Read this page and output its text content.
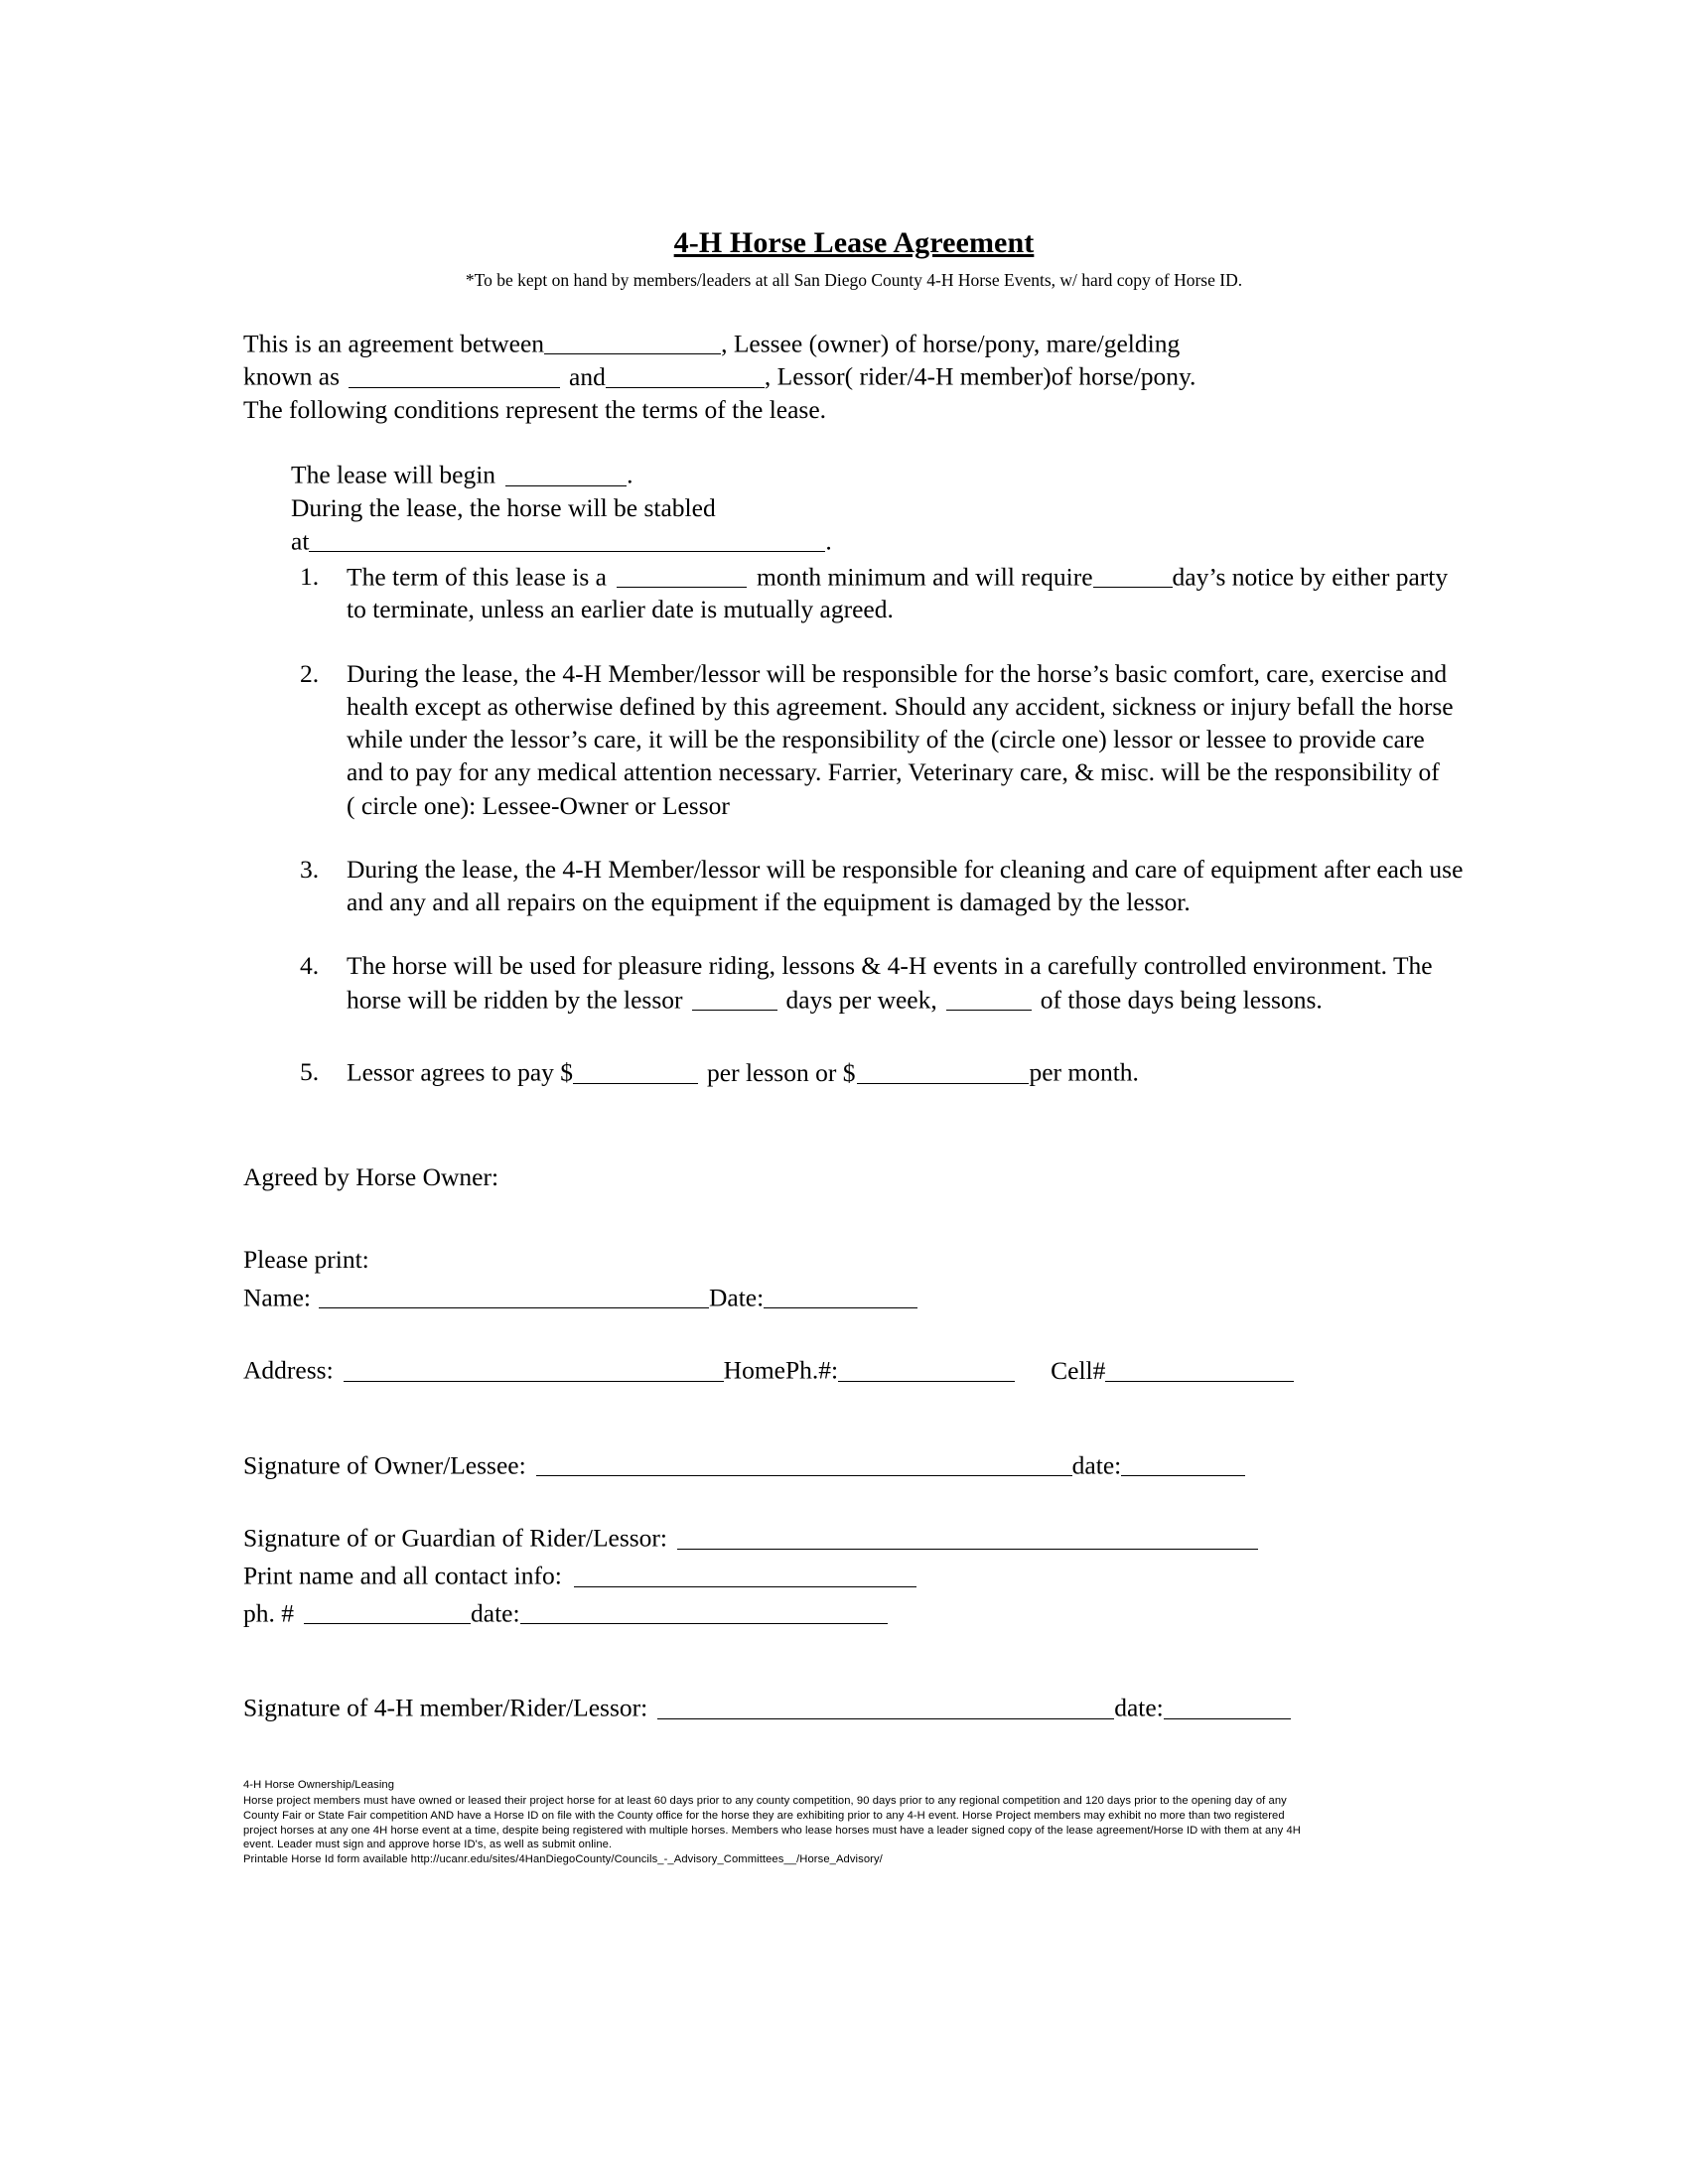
4-H Horse Lease Agreement
*To be kept on hand by members/leaders at all San Diego County 4-H Horse Events, w/ hard copy of Horse ID.
This is an agreement between	, Lessee (owner) of horse/pony, mare/gelding
known as	and	, Lessor( rider/4-H member)of horse/pony.
The following conditions represent the terms of the lease.
The lease will begin	.
During the lease, the horse will be stabled
at	.
1.	The term of this lease is a	month minimum and will require	day’s notice by either party to terminate, unless an earlier date is mutually agreed.
2.	During the lease, the 4-H Member/lessor will be responsible for the horse’s basic comfort, care, exercise and health except as otherwise defined by this agreement. Should any accident, sickness or injury befall the horse while under the lessor’s care, it will be the responsibility of the (circle one) lessor or lessee to provide care and to pay for any medical attention necessary. Farrier, Veterinary care, & misc. will be the responsibility of
( circle one): Lessee-Owner or Lessor
3.	During the lease, the 4-H Member/lessor will be responsible for cleaning and care of equipment after each use and any and all repairs on the equipment if the equipment is damaged by the lessor.
4.	The horse will be used for pleasure riding, lessons & 4-H events in a carefully controlled environment. The horse will be ridden by the lessor	days per week,	of those days being lessons.
5.	Lessor agrees to pay $	per lesson or $	per month.
Agreed by Horse Owner:
Please print:
Name:	Date:
Address:	HomePh.#:	Cell#
Signature of Owner/Lessee:	date:
Signature of or Guardian of Rider/Lessor:
Print name and all contact info:
ph. #	date:
Signature of 4-H member/Rider/Lessor:	date:

4-H Horse Ownership/Leasing

Horse project members must have owned or leased their project horse for at least 60 days prior to any county competition, 90 days prior to any regional competition and 120 days prior to the opening day of any County Fair or State Fair competition AND have a Horse ID on file with the County office for the horse they are exhibiting prior to any 4-H event. Horse Project members may exhibit no more than two registered project horses at any one 4H horse event at a time, despite being registered with multiple horses. Members who lease horses must have a leader signed copy of the lease agreement/Horse ID with them at any 4H event. Leader must sign and approve horse ID's, as well as submit online.

Printable Horse Id form available http://ucanr.edu/sites/4HanDiegoCounty/Councils_-_Advisory_Committees__/Horse_Advisory/
